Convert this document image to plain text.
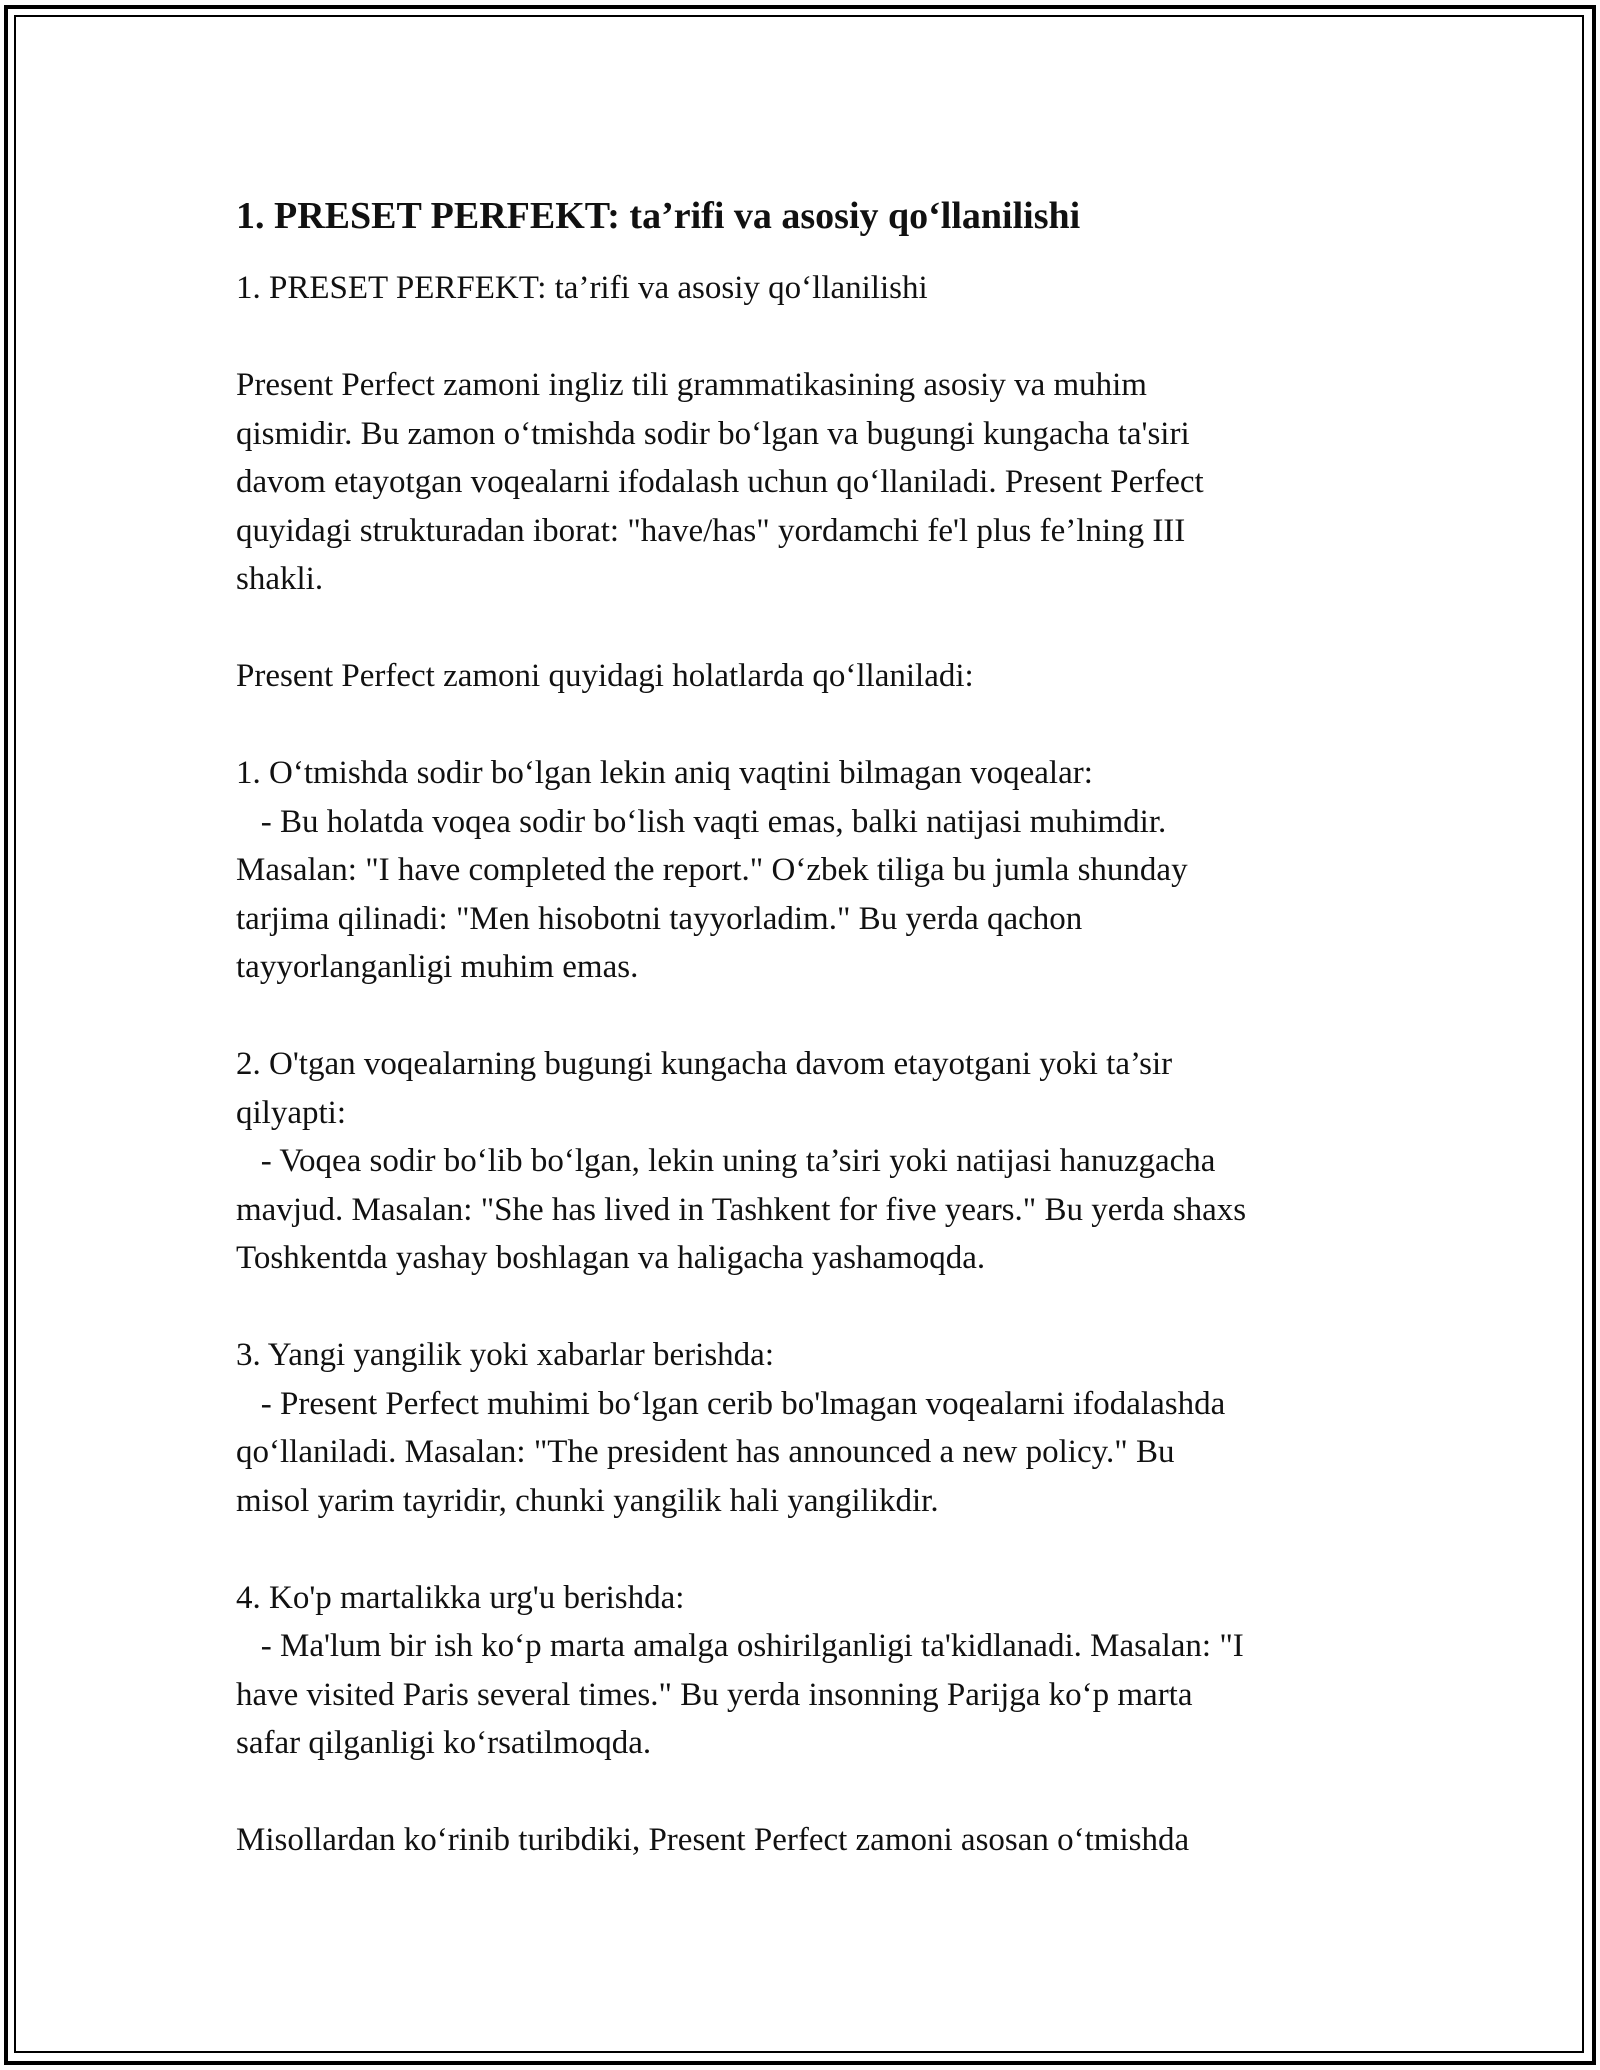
1. PRESET PERFEKT: ta’rifi va asosiy qo‘llanilishi
1. PRESET PERFEKT: ta’rifi va asosiy qo‘llanilishi

Present Perfect zamoni ingliz tili grammatikasining asosiy va muhim
qismidir. Bu zamon o‘tmishda sodir bo‘lgan va bugungi kungacha ta'siri
davom etayotgan voqealarni ifodalash uchun qo‘llaniladi. Present Perfect
quyidagi strukturadan iborat: "have/has" yordamchi fe'l plus fe’lning III
shakli.

Present Perfect zamoni quyidagi holatlarda qo‘llaniladi:

1. O‘tmishda sodir bo‘lgan lekin aniq vaqtini bilmagan voqealar:
- Bu holatda voqea sodir bo‘lish vaqti emas, balki natijasi muhimdir.
Masalan: "I have completed the report." O‘zbek tiliga bu jumla shunday
tarjima qilinadi: "Men hisobotni tayyorladim." Bu yerda qachon
tayyorlanganligi muhim emas.

2. O'tgan voqealarning bugungi kungacha davom etayotgani yoki ta’sir
qilyapti:
- Voqea sodir bo‘lib bo‘lgan, lekin uning ta’siri yoki natijasi hanuzgacha
mavjud. Masalan: "She has lived in Tashkent for five years." Bu yerda shaxs
Toshkentda yashay boshlagan va haligacha yashamoqda.

3. Yangi yangilik yoki xabarlar berishda:
- Present Perfect muhimi bo‘lgan cerib bo'lmagan voqealarni ifodalashda
qo‘llaniladi. Masalan: "The president has announced a new policy." Bu
misol yarim tayridir, chunki yangilik hali yangilikdir.

4. Ko'p martalikka urg'u berishda:
- Ma'lum bir ish ko‘p marta amalga oshirilganligi ta'kidlanadi. Masalan: "I
have visited Paris several times." Bu yerda insonning Parijga ko‘p marta
safar qilganligi ko‘rsatilmoqda.

Misollardan ko‘rinib turibdiki, Present Perfect zamoni asosan o‘tmishda
